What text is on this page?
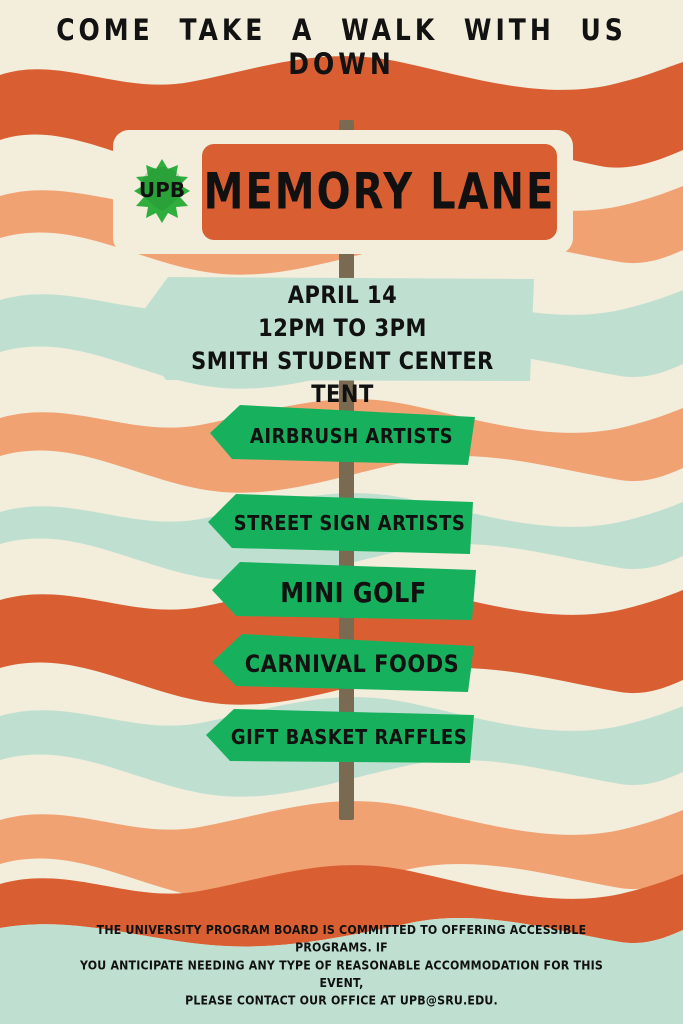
COME TAKE A WALK WITH US DOWN
UPB MEMORY LANE
APRIL 14
12PM TO 3PM
SMITH STUDENT CENTER TENT
AIRBRUSH ARTISTS
STREET SIGN ARTISTS
MINI GOLF
CARNIVAL FOODS
GIFT BASKET RAFFLES
THE UNIVERSITY PROGRAM BOARD IS COMMITTED TO OFFERING ACCESSIBLE PROGRAMS. IF
YOU ANTICIPATE NEEDING ANY TYPE OF REASONABLE ACCOMMODATION FOR THIS EVENT,
PLEASE CONTACT OUR OFFICE AT UPB@SRU.EDU.
